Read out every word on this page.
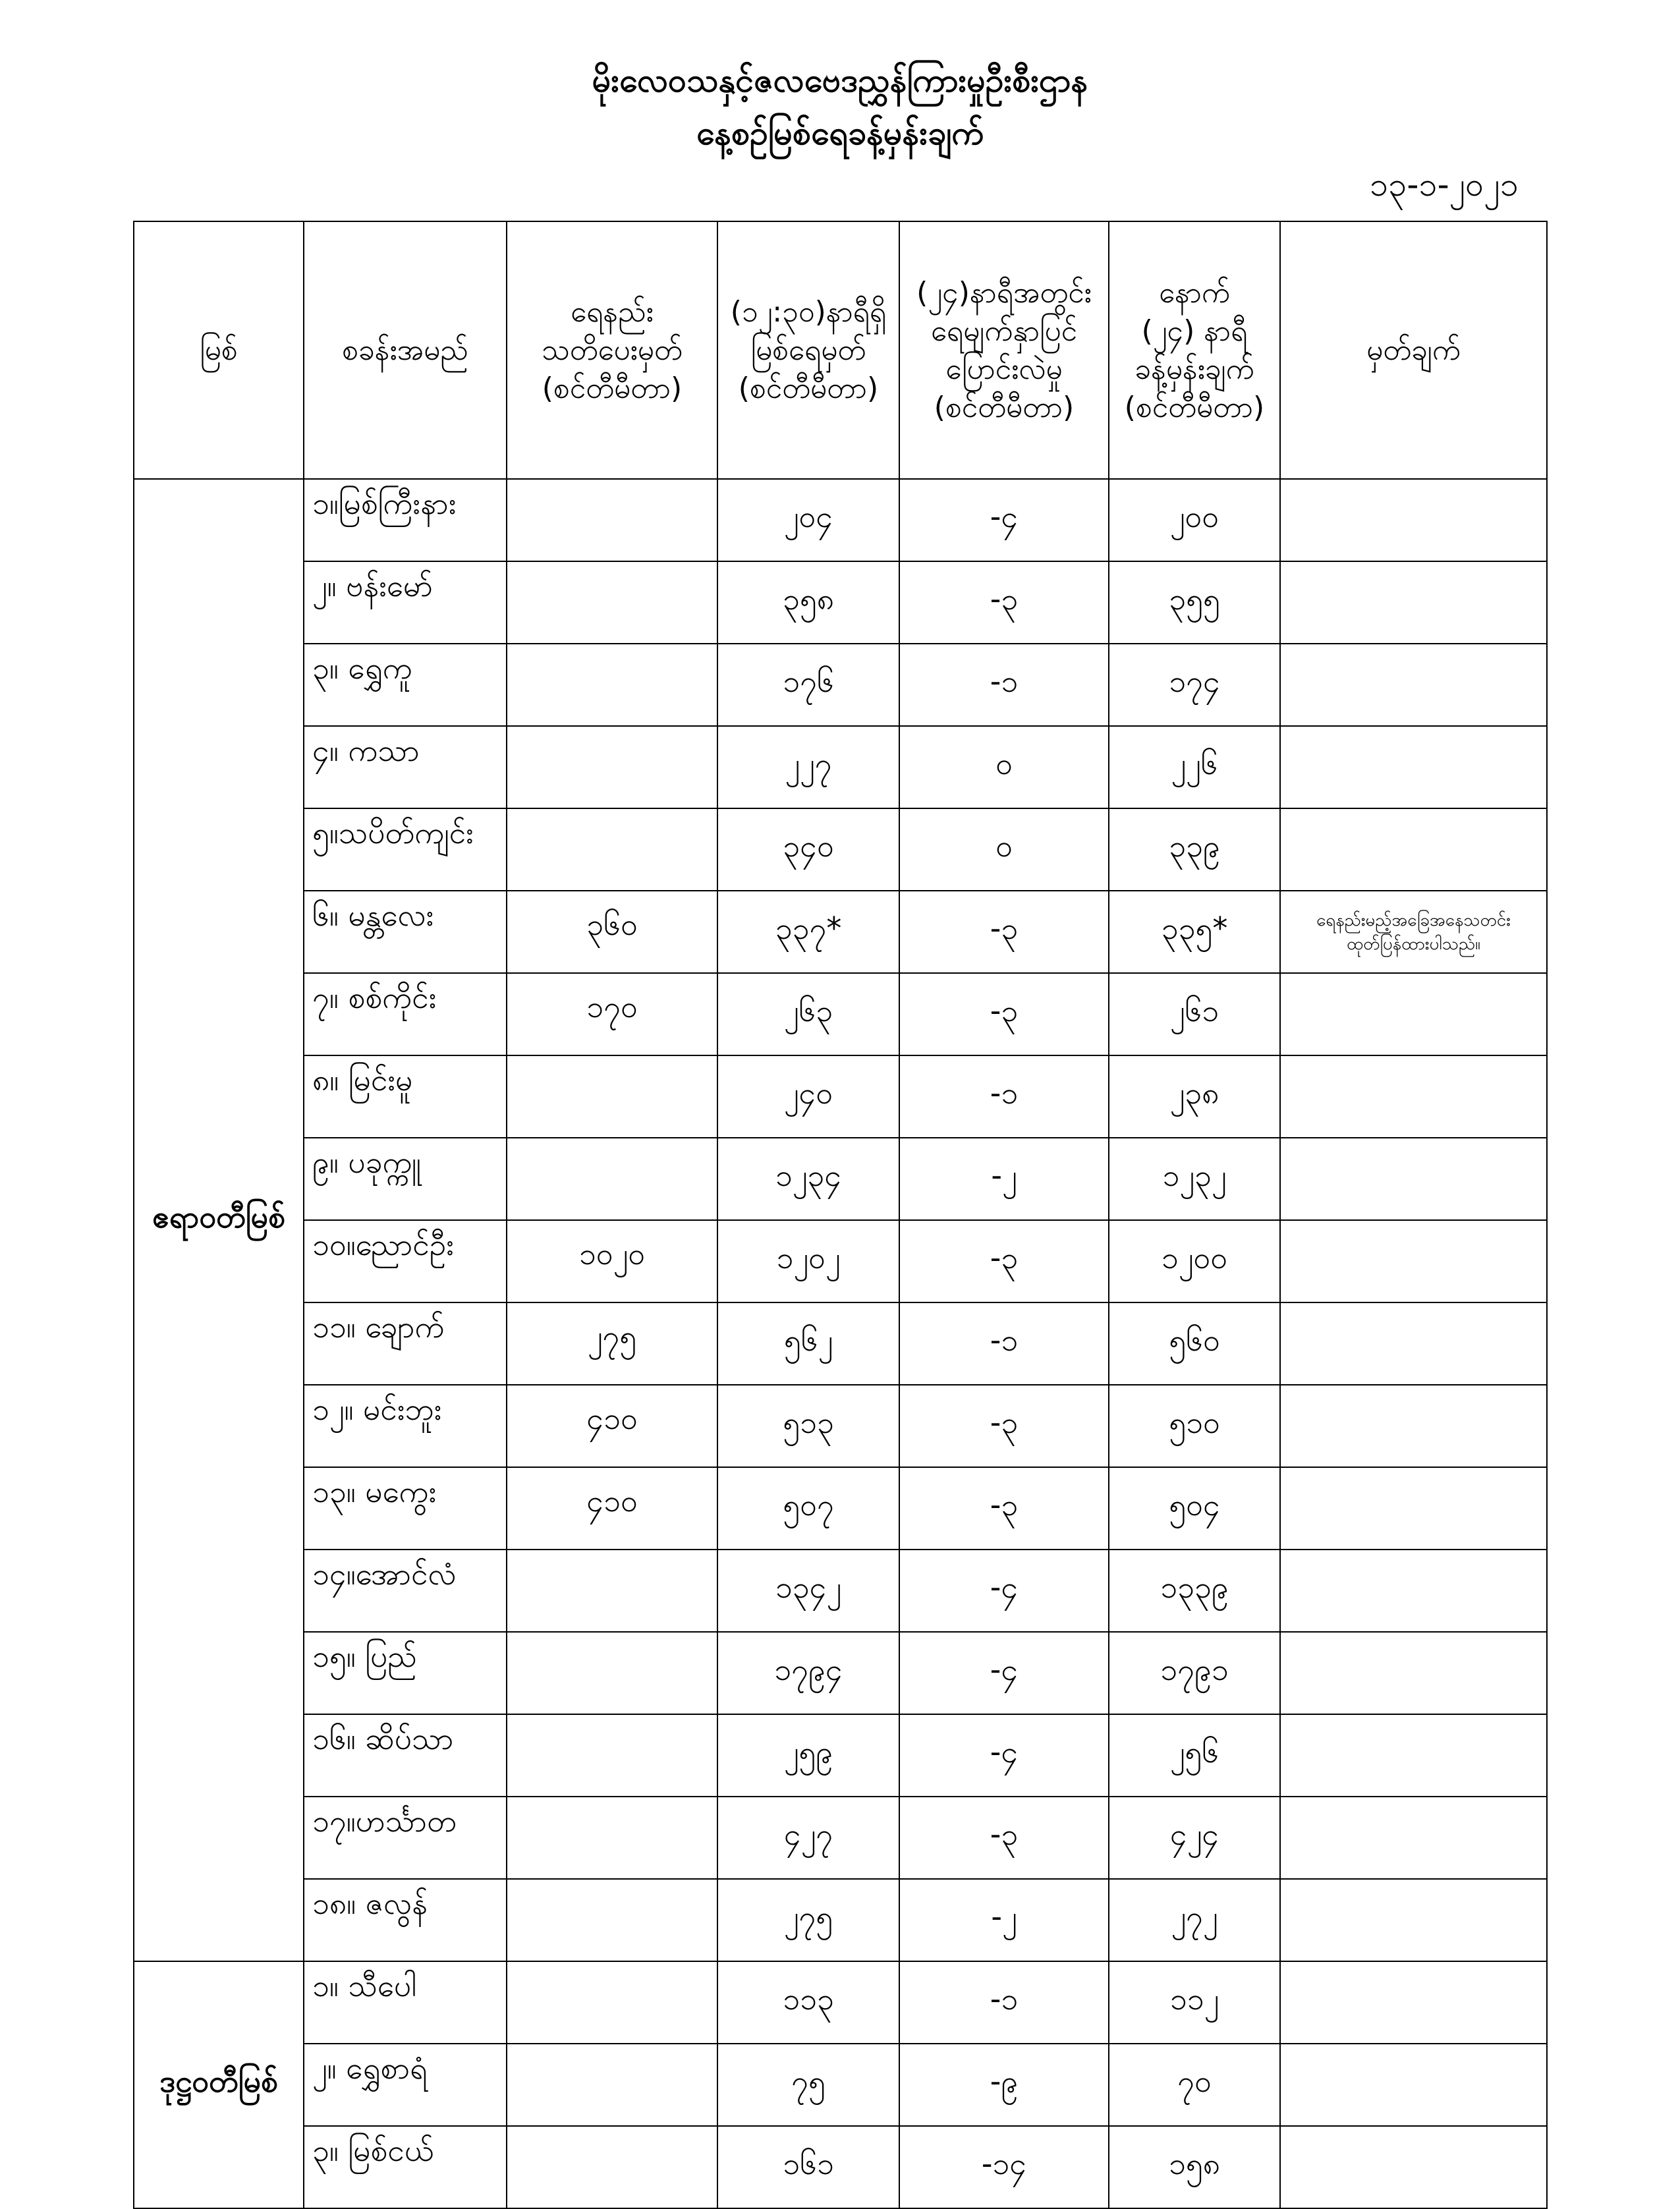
မိုးလေဝသနှင့်ဇလဗေဒညွှန်ကြားမှုဦးစီးဌာန
နေ့စဉ်မြစ်ရေခန့်မှန်းချက်
၁၃-၁-၂၀၂၁
မြစ်	စခန်းအမည်	ရေနည်း
သတိပေးမှတ်
(စင်တီမီတာ)	(၁၂:၃၀)နာရီရှိ
မြစ်ရေမှတ်
(စင်တီမီတာ)	(၂၄)နာရီအတွင်း
ရေမျက်နှာပြင်
ပြောင်းလဲမှု
(စင်တီမီတာ)	နောက်
(၂၄) နာရီ
ခန့်မှန်းချက်
(စင်တီမီတာ)	မှတ်ချက်
ဧရာဝတီမြစ်	၁။မြစ်ကြီးနား		၂၀၄	-၄	၂၀၀	
	၂။ ဗန်းမော်		၃၅၈	-၃	၃၅၅	
	၃။ ရွှေကူ		၁၇၆	-၁	၁၇၄	
	၄။ ကသာ		၂၂၇	၀	၂၂၆	
	၅။သပိတ်ကျင်း		၃၄၀	၀	၃၃၉	
	၆။ မန္တလေး	၃၆၀	၃၃၇*	-၃	၃၃၅*	ရေနည်းမည့်အခြေအနေသတင်း
ထုတ်ပြန်ထားပါသည်။
	၇။ စစ်ကိုင်း	၁၇၀	၂၆၃	-၃	၂၆၁	
	၈။ မြင်းမူ		၂၄၀	-၁	၂၃၈	
	၉။ ပခုက္ကူ		၁၂၃၄	-၂	၁၂၃၂	
	၁၀။ညောင်ဦး	၁၀၂၀	၁၂၀၂	-၃	၁၂၀၀	
	၁၁။ ချောက်	၂၇၅	၅၆၂	-၁	၅၆၀	
	၁၂။ မင်းဘူး	၄၁၀	၅၁၃	-၃	၅၁၀	
	၁၃။ မကွေး	၄၁၀	၅၀၇	-၃	၅၀၄	
	၁၄။အောင်လံ		၁၃၄၂	-၄	၁၃၃၉	
	၁၅။ ပြည်		၁၇၉၄	-၄	၁၇၉၁	
	၁၆။ ဆိပ်သာ		၂၅၉	-၄	၂၅၆	
	၁၇။ဟင်္သာတ		၄၂၇	-၃	၄၂၄	
	၁၈။ ဇလွန်		၂၇၅	-၂	၂၇၂	
ဒုဋ္ဌဝတီမြစ်	၁။ သီပေါ		၁၁၃	-၁	၁၁၂	
	၂။ ရွှေစာရံ		၇၅	-၉	၇၀	
	၃။ မြစ်ငယ်		၁၆၁	-၁၄	၁၅၈	
